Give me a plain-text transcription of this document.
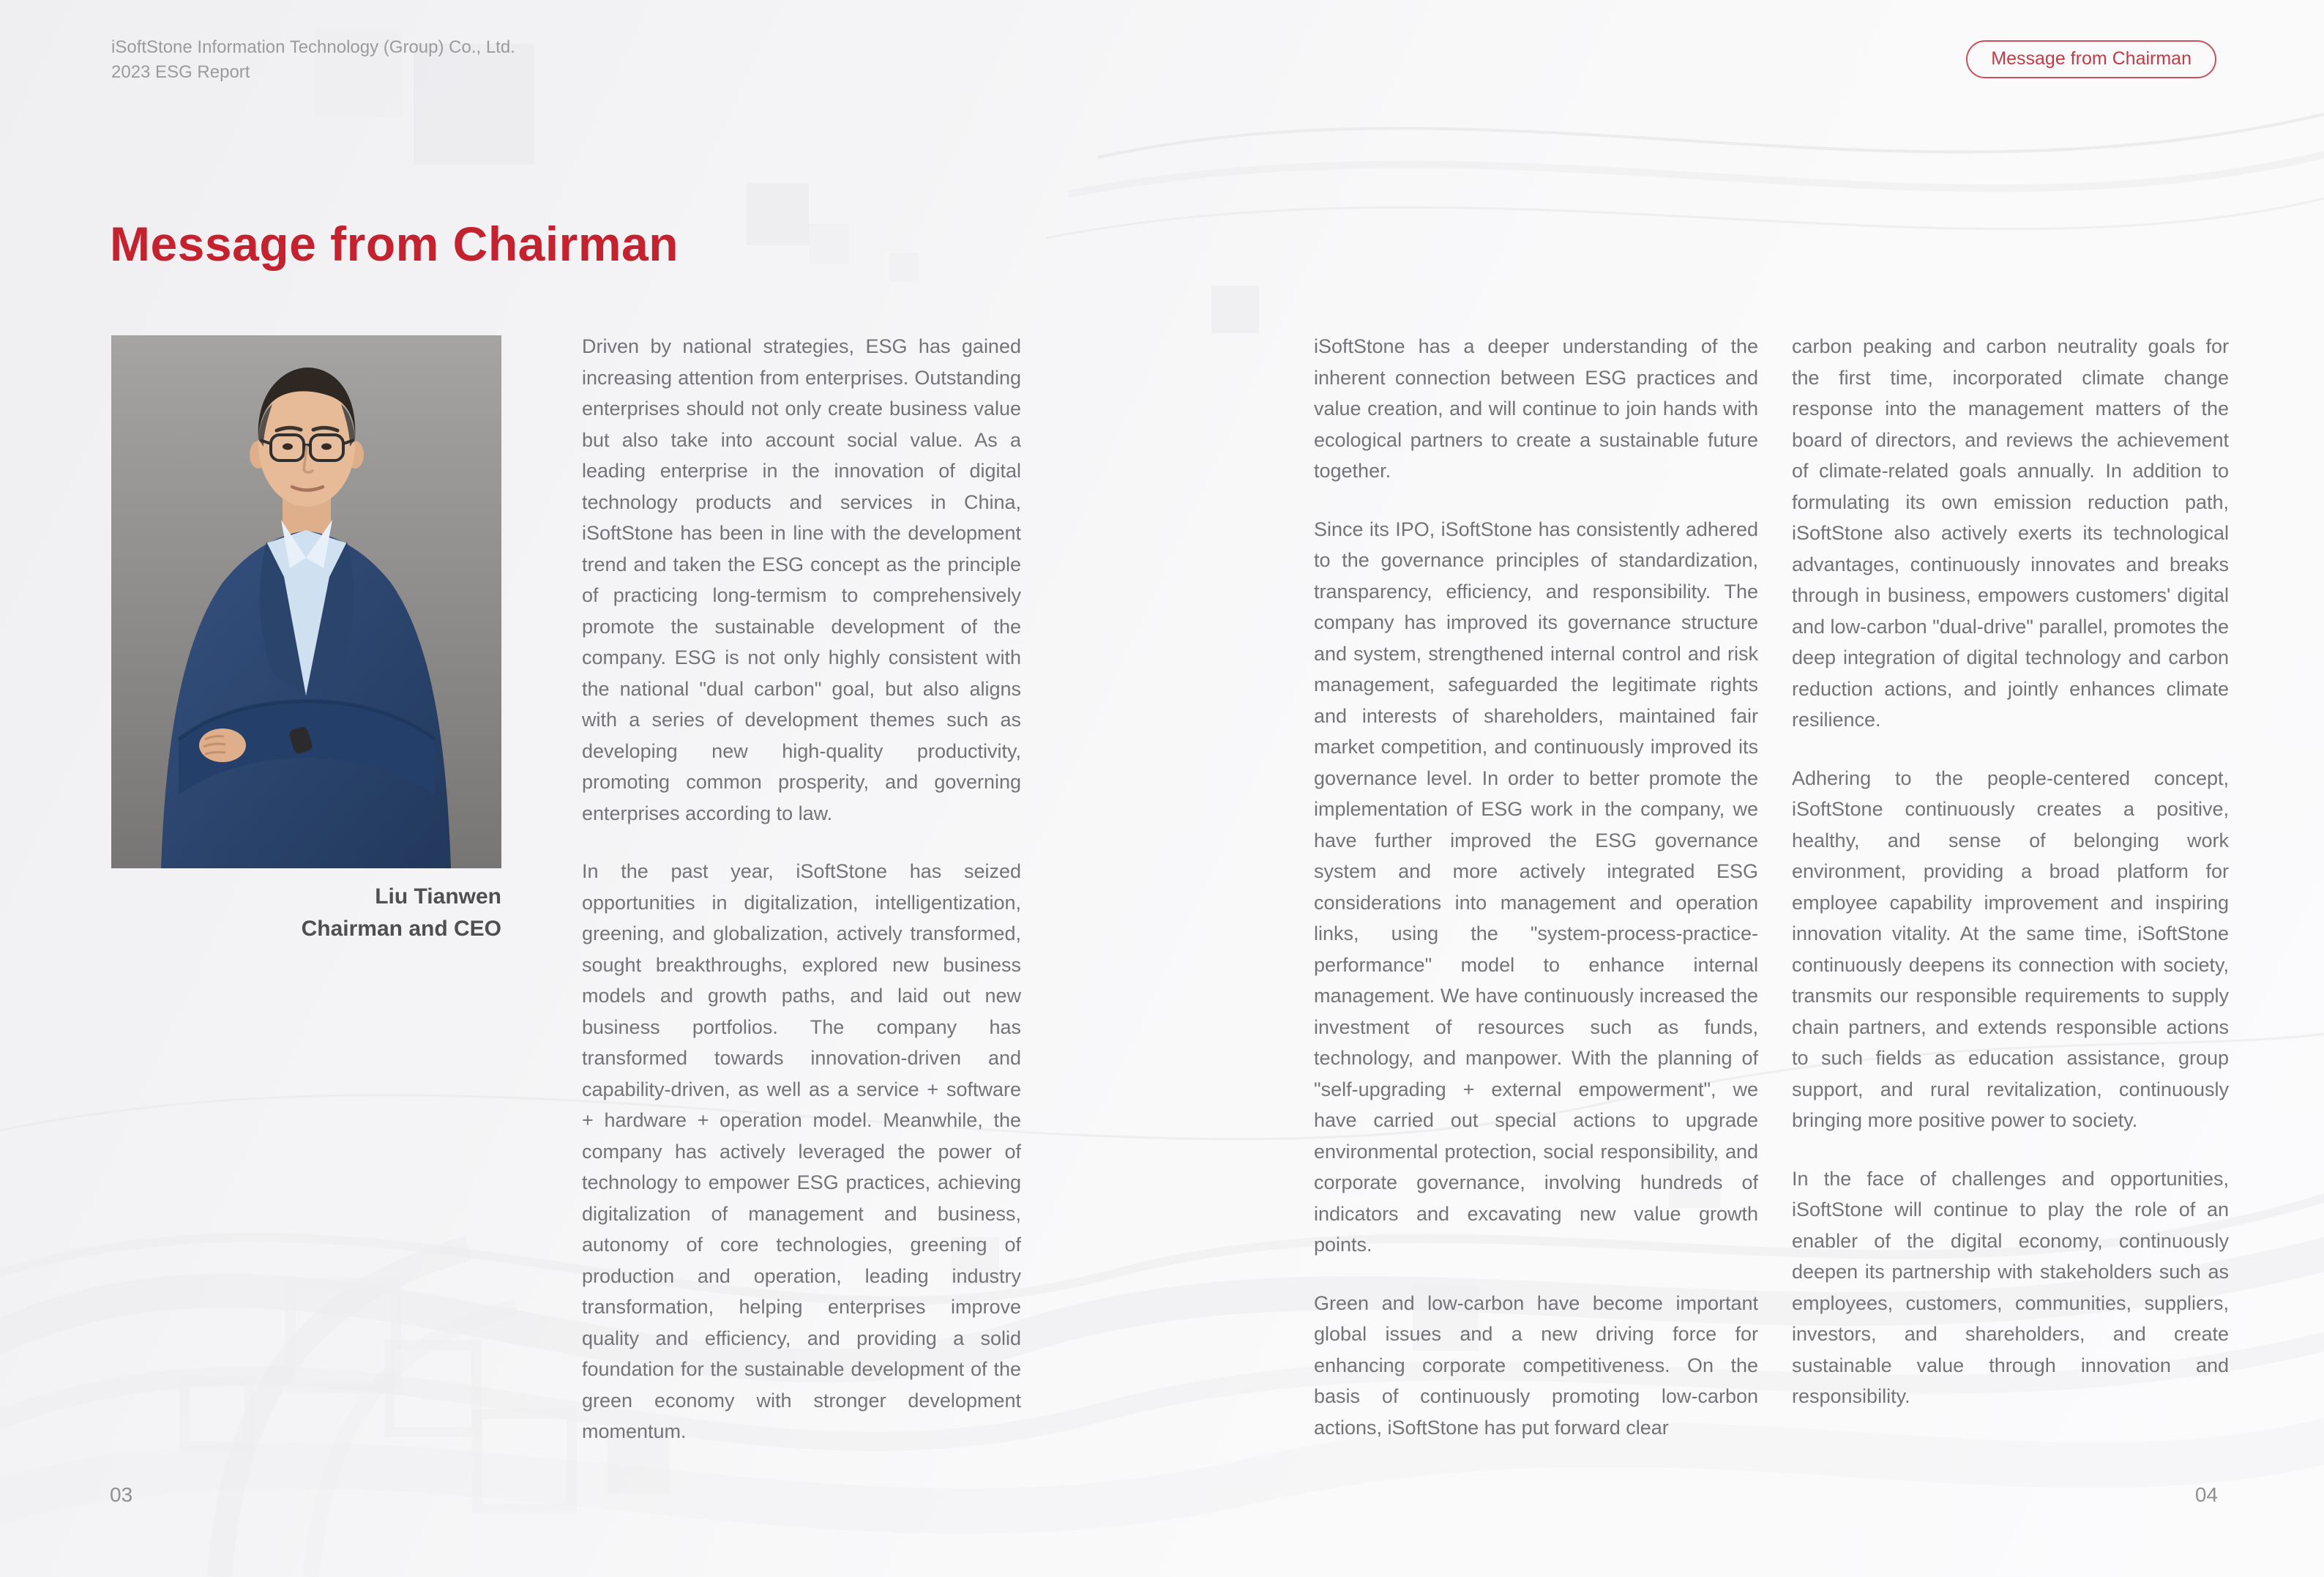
iSoftStone Information Technology (Group) Co., Ltd.
2023 ESG Report
Message from Chairman
Message from Chairman
Liu Tianwen
Chairman and CEO

Driven by national strategies, ESG has gained increasing attention from enterprises. Outstanding enterprises should not only create business value but also take into account social value. As a leading enterprise in the innovation of digital technology products and services in China, iSoftStone has been in line with the development trend and taken the ESG concept as the principle of practicing long-termism to comprehensively promote the sustainable development of the company. ESG is not only highly consistent with the national "dual carbon" goal, but also aligns with a series of development themes such as developing new high-quality productivity, promoting common prosperity, and governing enterprises according to law.

In the past year, iSoftStone has seized opportunities in digitalization, intelligentization, greening, and globalization, actively transformed, sought breakthroughs, explored new business models and growth paths, and laid out new business portfolios. The company has transformed towards innovation-driven and capability-driven, as well as a service + software + hardware + operation model. Meanwhile, the company has actively leveraged the power of technology to empower ESG practices, achieving digitalization of management and business, autonomy of core technologies, greening of production and operation, leading industry transformation, helping enterprises improve quality and efficiency, and providing a solid foundation for the sustainable development of the green economy with stronger development momentum.

iSoftStone has a deeper understanding of the inherent connection between ESG practices and value creation, and will continue to join hands with ecological partners to create a sustainable future together.

Since its IPO, iSoftStone has consistently adhered to the governance principles of standardization, transparency, efficiency, and responsibility. The company has improved its governance structure and system, strengthened internal control and risk management, safeguarded the legitimate rights and interests of shareholders, maintained fair market competition, and continuously improved its governance level. In order to better promote the implementation of ESG work in the company, we have further improved the ESG governance system and more actively integrated ESG considerations into management and operation links, using the "system-process-practice-performance" model to enhance internal management. We have continuously increased the investment of resources such as funds, technology, and manpower. With the planning of "self-upgrading + external empowerment", we have carried out special actions to upgrade environmental protection, social responsibility, and corporate governance, involving hundreds of indicators and excavating new value growth points.

Green and low-carbon have become important global issues and a new driving force for enhancing corporate competitiveness. On the basis of continuously promoting low-carbon actions, iSoftStone has put forward clear

carbon peaking and carbon neutrality goals for the first time, incorporated climate change response into the management matters of the board of directors, and reviews the achievement of climate-related goals annually. In addition to formulating its own emission reduction path, iSoftStone also actively exerts its technological advantages, continuously innovates and breaks through in business, empowers customers' digital and low-carbon "dual-drive" parallel, promotes the deep integration of digital technology and carbon reduction actions, and jointly enhances climate resilience.

Adhering to the people-centered concept, iSoftStone continuously creates a positive, healthy, and sense of belonging work environment, providing a broad platform for employee capability improvement and inspiring innovation vitality. At the same time, iSoftStone continuously deepens its connection with society, transmits our responsible requirements to supply chain partners, and extends responsible actions to such fields as education assistance, group support, and rural revitalization, continuously bringing more positive power to society.

In the face of challenges and opportunities, iSoftStone will continue to play the role of an enabler of the digital economy, continuously deepen its partnership with stakeholders such as employees, customers, communities, suppliers, investors, and shareholders, and create sustainable value through innovation and responsibility.

03	04
